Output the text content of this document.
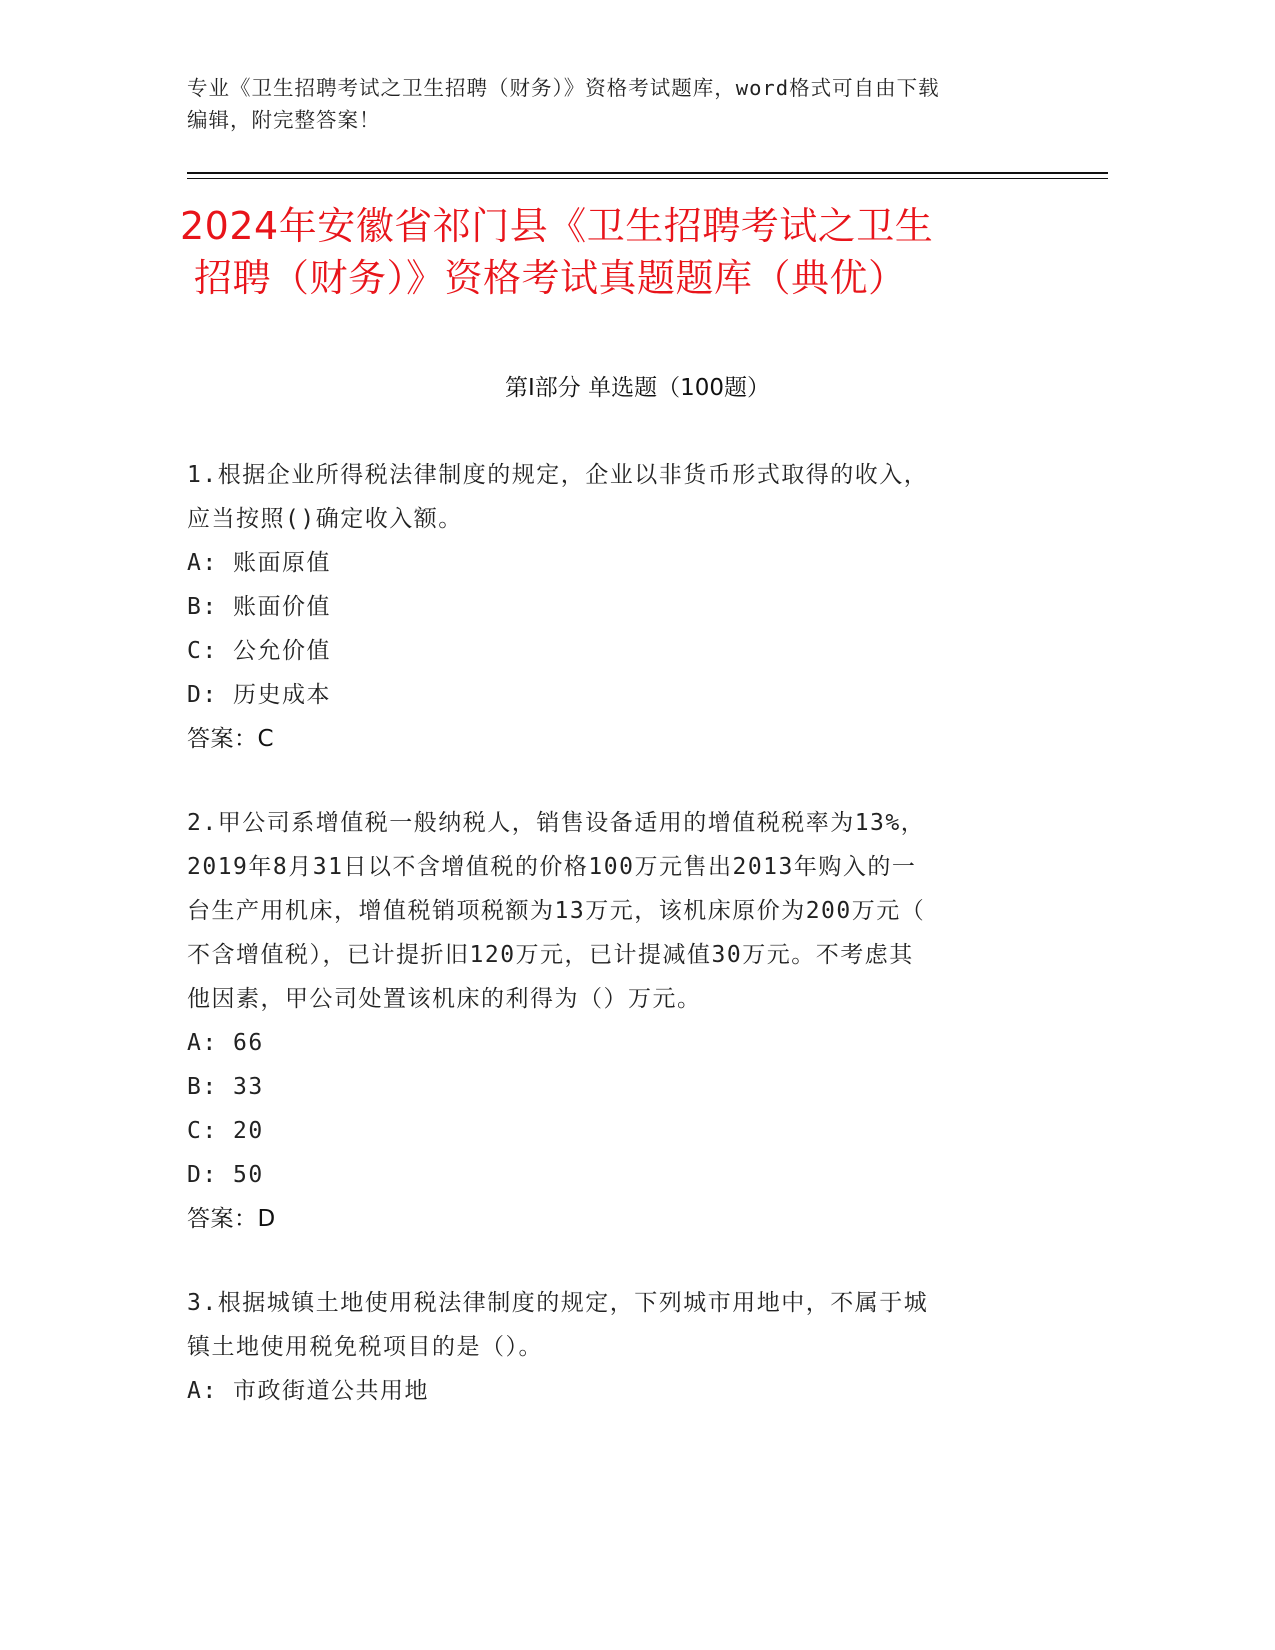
专业《卫生招聘考试之卫生招聘（财务）》资格考试题库，word格式可自由下载
编辑，附完整答案！
2024年安徽省祁门县《卫生招聘考试之卫生
招聘（财务）》资格考试真题题库（典优）
第Ⅰ部分 单选题（100题）
1.根据企业所得税法律制度的规定，企业以非货币形式取得的收入，
应当按照()确定收入额。
A: 账面原值
B: 账面价值
C: 公允价值
D: 历史成本
答案：C
2.甲公司系增值税一般纳税人，销售设备适用的增值税税率为13%，
2019年8月31日以不含增值税的价格100万元售出2013年购入的一
台生产用机床，增值税销项税额为13万元，该机床原价为200万元（
不含增值税），已计提折旧120万元，已计提减值30万元。不考虑其
他因素，甲公司处置该机床的利得为（）万元。
A: 66
B: 33
C: 20
D: 50
答案：D
3.根据城镇土地使用税法律制度的规定，下列城市用地中，不属于城
镇土地使用税免税项目的是（）。
A: 市政街道公共用地
